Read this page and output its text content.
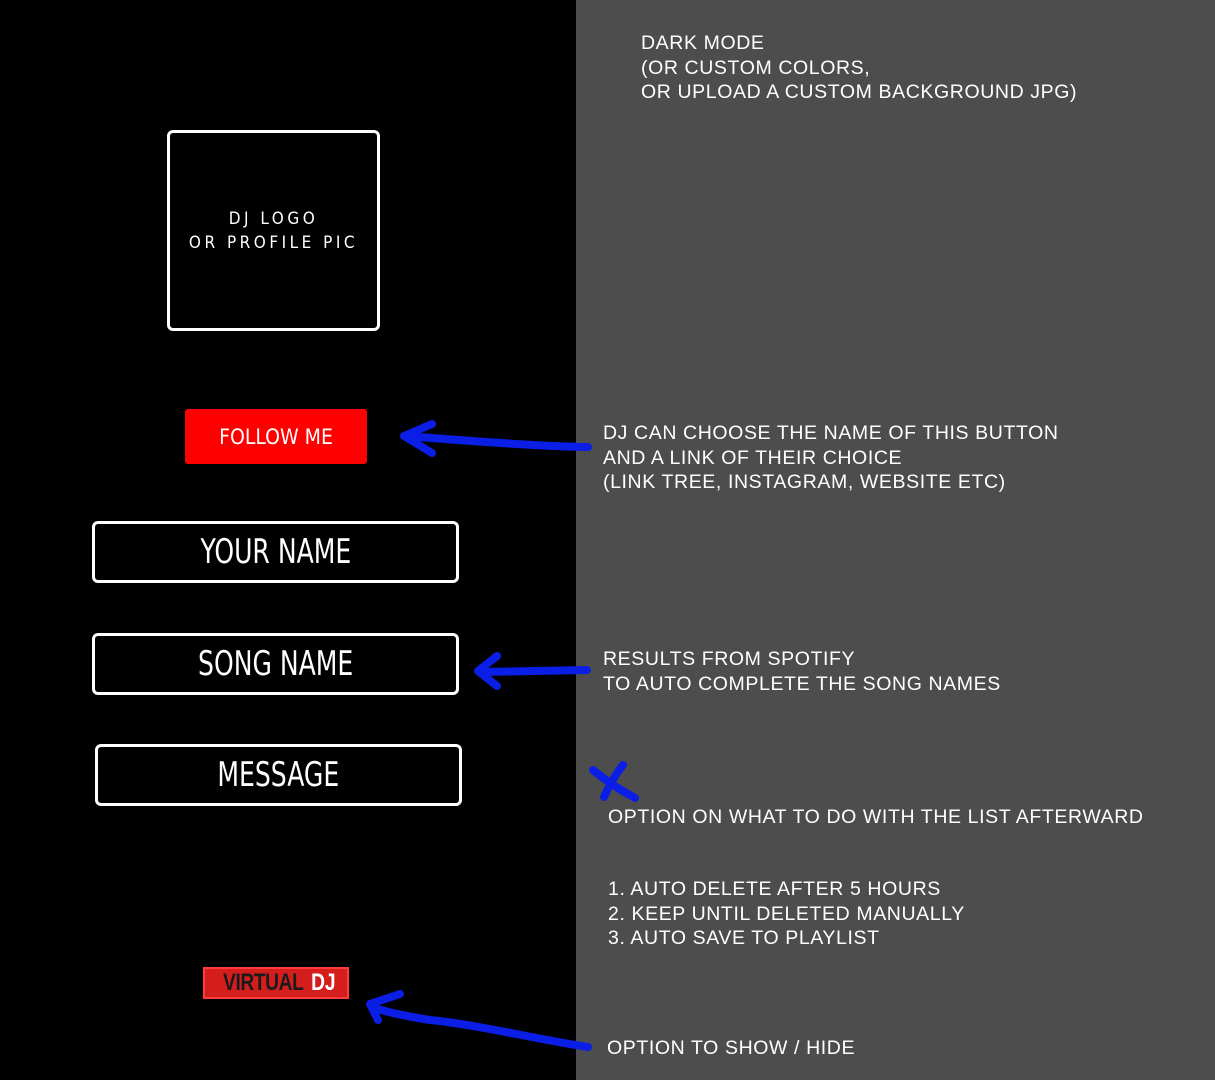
DJ LOGO
OR PROFILE PIC
FOLLOW ME
YOUR NAME
SONG NAME
MESSAGE
VIRTUAL DJ
DARK MODE
(OR CUSTOM COLORS,
OR UPLOAD A CUSTOM BACKGROUND JPG)
DJ CAN CHOOSE THE NAME OF THIS BUTTON
AND A LINK OF THEIR CHOICE
(LINK TREE, INSTAGRAM, WEBSITE ETC)
RESULTS FROM SPOTIFY
TO AUTO COMPLETE THE SONG NAMES
OPTION ON WHAT TO DO WITH THE LIST AFTERWARD
1. AUTO DELETE AFTER 5 HOURS
2. KEEP UNTIL DELETED MANUALLY
3. AUTO SAVE TO PLAYLIST
OPTION TO SHOW / HIDE
